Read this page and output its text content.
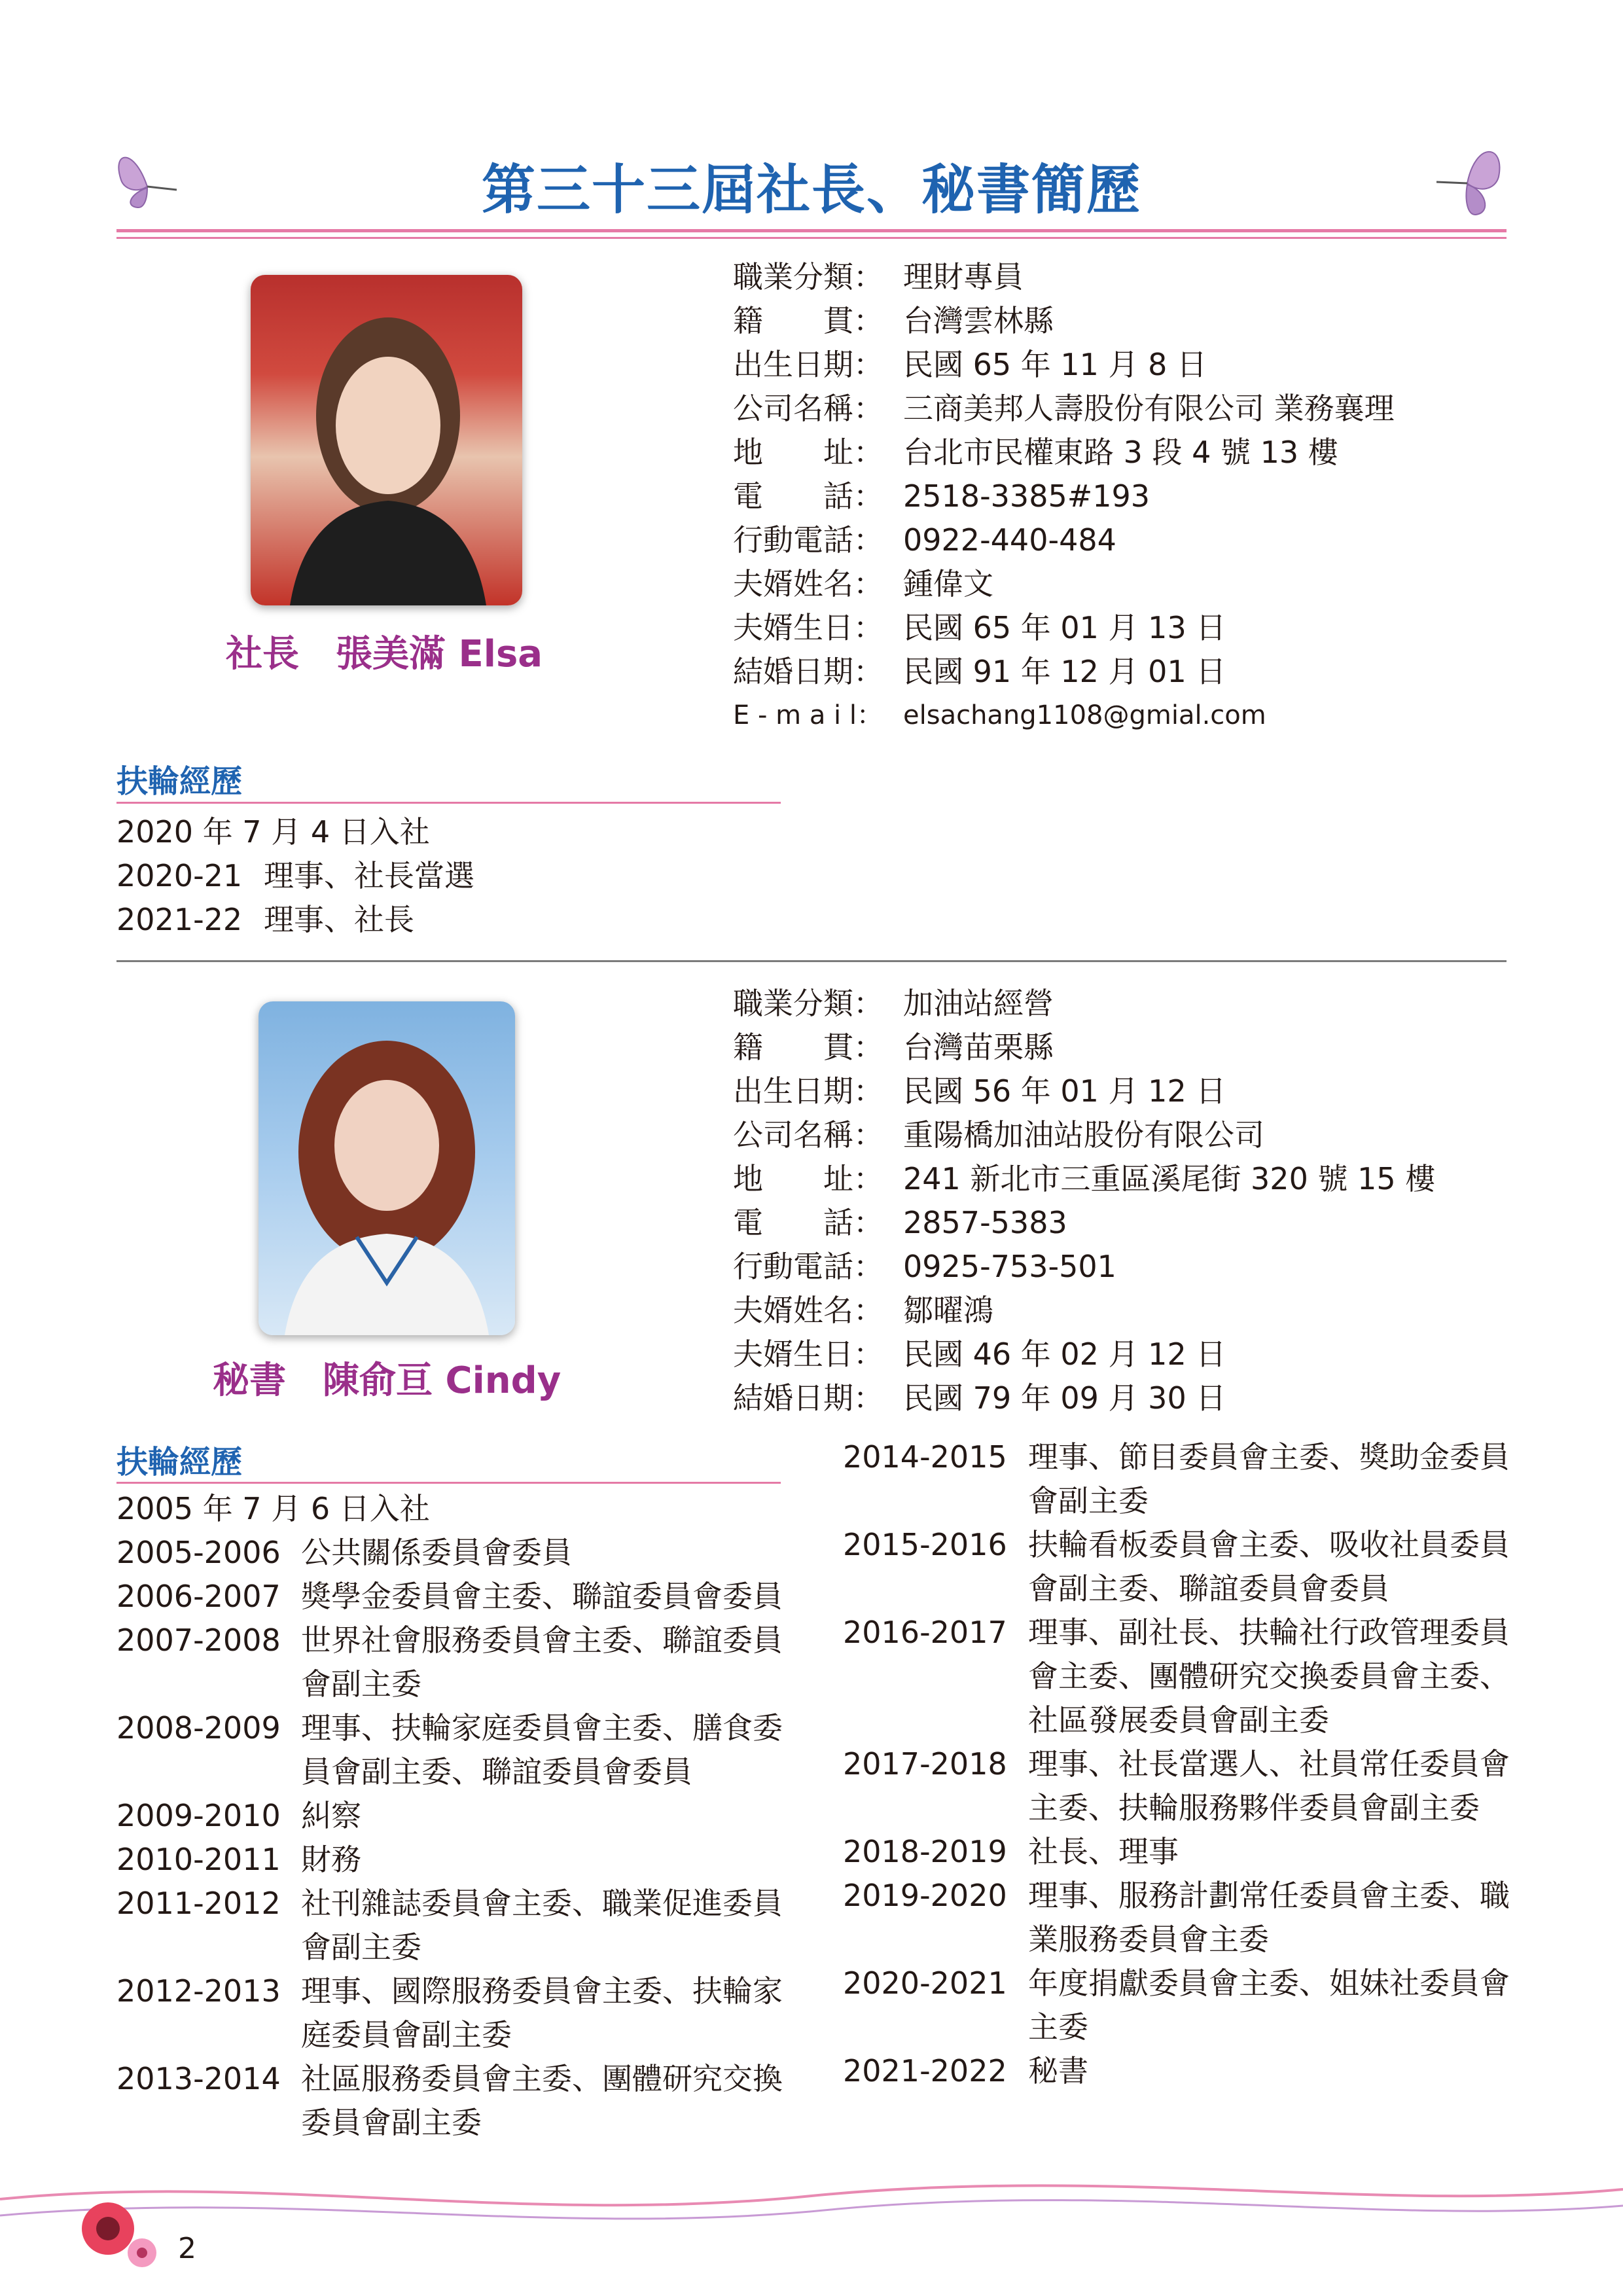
第三十三屆社長、秘書簡歷
社長　張美滿 Elsa
職業分類： 理財專員
籍　　貫： 台灣雲林縣
出生日期： 民國 65 年 11 月 8 日
公司名稱： 三商美邦人壽股份有限公司 業務襄理
地　　址： 台北市民權東路 3 段 4 號 13 樓
電　　話： 2518-3385#193
行動電話： 0922-440-484
夫婿姓名： 鍾偉文
夫婿生日： 民國 65 年 01 月 13 日
結婚日期： 民國 91 年 12 月 01 日
E - m a i l： elsachang1108@gmial.com
扶輪經歷
2020 年 7 月 4 日入社
2020-21 理事、社長當選
2021-22 理事、社長
秘書　陳俞亘 Cindy
職業分類： 加油站經營
籍　　貫： 台灣苗栗縣
出生日期： 民國 56 年 01 月 12 日
公司名稱： 重陽橋加油站股份有限公司
地　　址： 241 新北市三重區溪尾街 320 號 15 樓
電　　話： 2857-5383
行動電話： 0925-753-501
夫婿姓名： 鄒曜鴻
夫婿生日： 民國 46 年 02 月 12 日
結婚日期： 民國 79 年 09 月 30 日
扶輪經歷
2005 年 7 月 6 日入社
2005-2006 公共關係委員會委員
2006-2007 獎學金委員會主委、聯誼委員會委員
2007-2008 世界社會服務委員會主委、聯誼委員會副主委
2008-2009 理事、扶輪家庭委員會主委、膳食委員會副主委、聯誼委員會委員
2009-2010 糾察
2010-2011 財務
2011-2012 社刊雜誌委員會主委、職業促進委員會副主委
2012-2013 理事、國際服務委員會主委、扶輪家庭委員會副主委
2013-2014 社區服務委員會主委、團體研究交換委員會副主委
2014-2015 理事、節目委員會主委、獎助金委員會副主委
2015-2016 扶輪看板委員會主委、吸收社員委員會副主委、聯誼委員會委員
2016-2017 理事、副社長、扶輪社行政管理委員會主委、團體研究交換委員會主委、社區發展委員會副主委
2017-2018 理事、社長當選人、社員常任委員會主委、扶輪服務夥伴委員會副主委
2018-2019 社長、理事
2019-2020 理事、服務計劃常任委員會主委、職業服務委員會主委
2020-2021 年度捐獻委員會主委、姐妹社委員會主委
2021-2022 秘書
2
